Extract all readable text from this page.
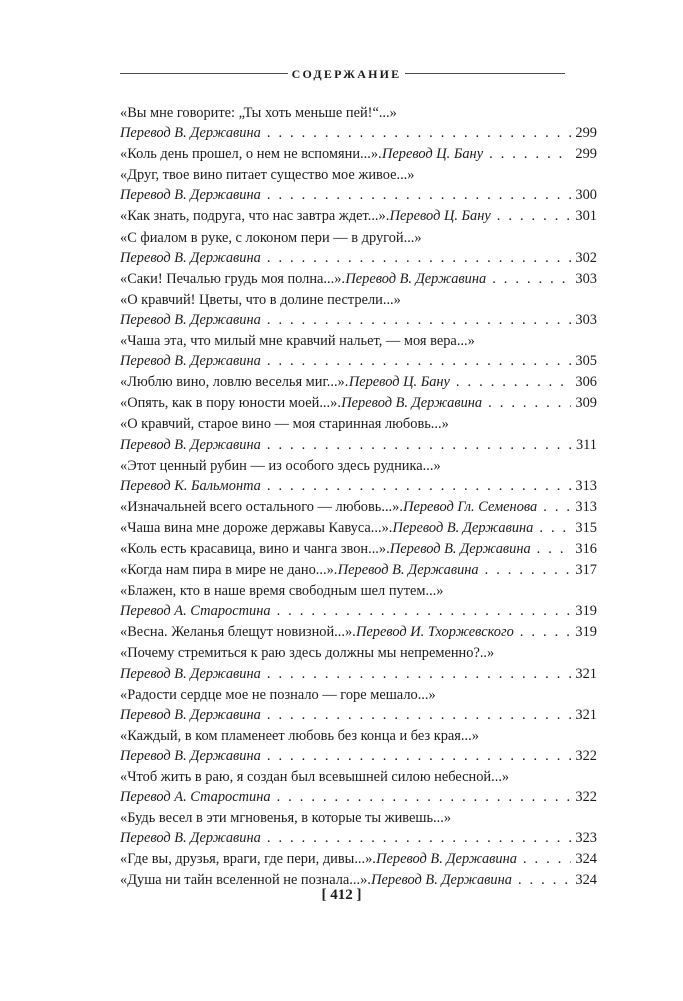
СОДЕРЖАНИЕ
«Вы мне говорите: „Ты хоть меньше пей!“...»
Перевод В. Державина . . .	299
«Коль день прошел, о нем не вспомяни...». Перевод Ц. Бану . . .	299
«Друг, твое вино питает существо мое живое...»
Перевод В. Державина . . .	300
«Как знать, подруга, что нас завтра ждет...». Перевод Ц. Бану . . .	301
«С фиалом в руке, с локоном пери — в другой...»
Перевод В. Державина . . .	302
«Саки! Печалью грудь моя полна...». Перевод В. Державина . . .	303
«О кравчий! Цветы, что в долине пестрели...»
Перевод В. Державина . . .	303
«Чаша эта, что милый мне кравчий нальет, — моя вера...»
Перевод В. Державина . . .	305
«Люблю вино, ловлю веселья миг...». Перевод Ц. Бану . . .	306
«Опять, как в пору юности моей...». Перевод В. Державина . . .	309
«О кравчий, старое вино — моя старинная любовь...»
Перевод В. Державина . . .	311
«Этот ценный рубин — из особого здесь рудника...»
Перевод К. Бальмонта . . .	313
«Изначальней всего остального — любовь...». Перевод Гл. Семенова . . .	313
«Чаша вина мне дороже державы Кавуса...». Перевод В. Державина . . .	315
«Коль есть красавица, вино и чанга звон...». Перевод В. Державина . . .	316
«Когда нам пира в мире не дано...». Перевод В. Державина . . .	317
«Блажен, кто в наше время свободным шел путем...»
Перевод А. Старостина . . .	319
«Весна. Желанья блещут новизной...». Перевод И. Тхоржевского . . .	319
«Почему стремиться к раю здесь должны мы непременно?..»
Перевод В. Державина . . .	321
«Радости сердце мое не познало — горе мешало...»
Перевод В. Державина . . .	321
«Каждый, в ком пламенеет любовь без конца и без края...»
Перевод В. Державина . . .	322
«Чтоб жить в раю, я создан был всевышней силою небесной...»
Перевод А. Старостина . . .	322
«Будь весел в эти мгновенья, в которые ты живешь...»
Перевод В. Державина . . .	323
«Где вы, друзья, враги, где пери, дивы...». Перевод В. Державина . . .	324
«Душа ни тайн вселенной не познала...». Перевод В. Державина . . .	324
[ 412 ]
